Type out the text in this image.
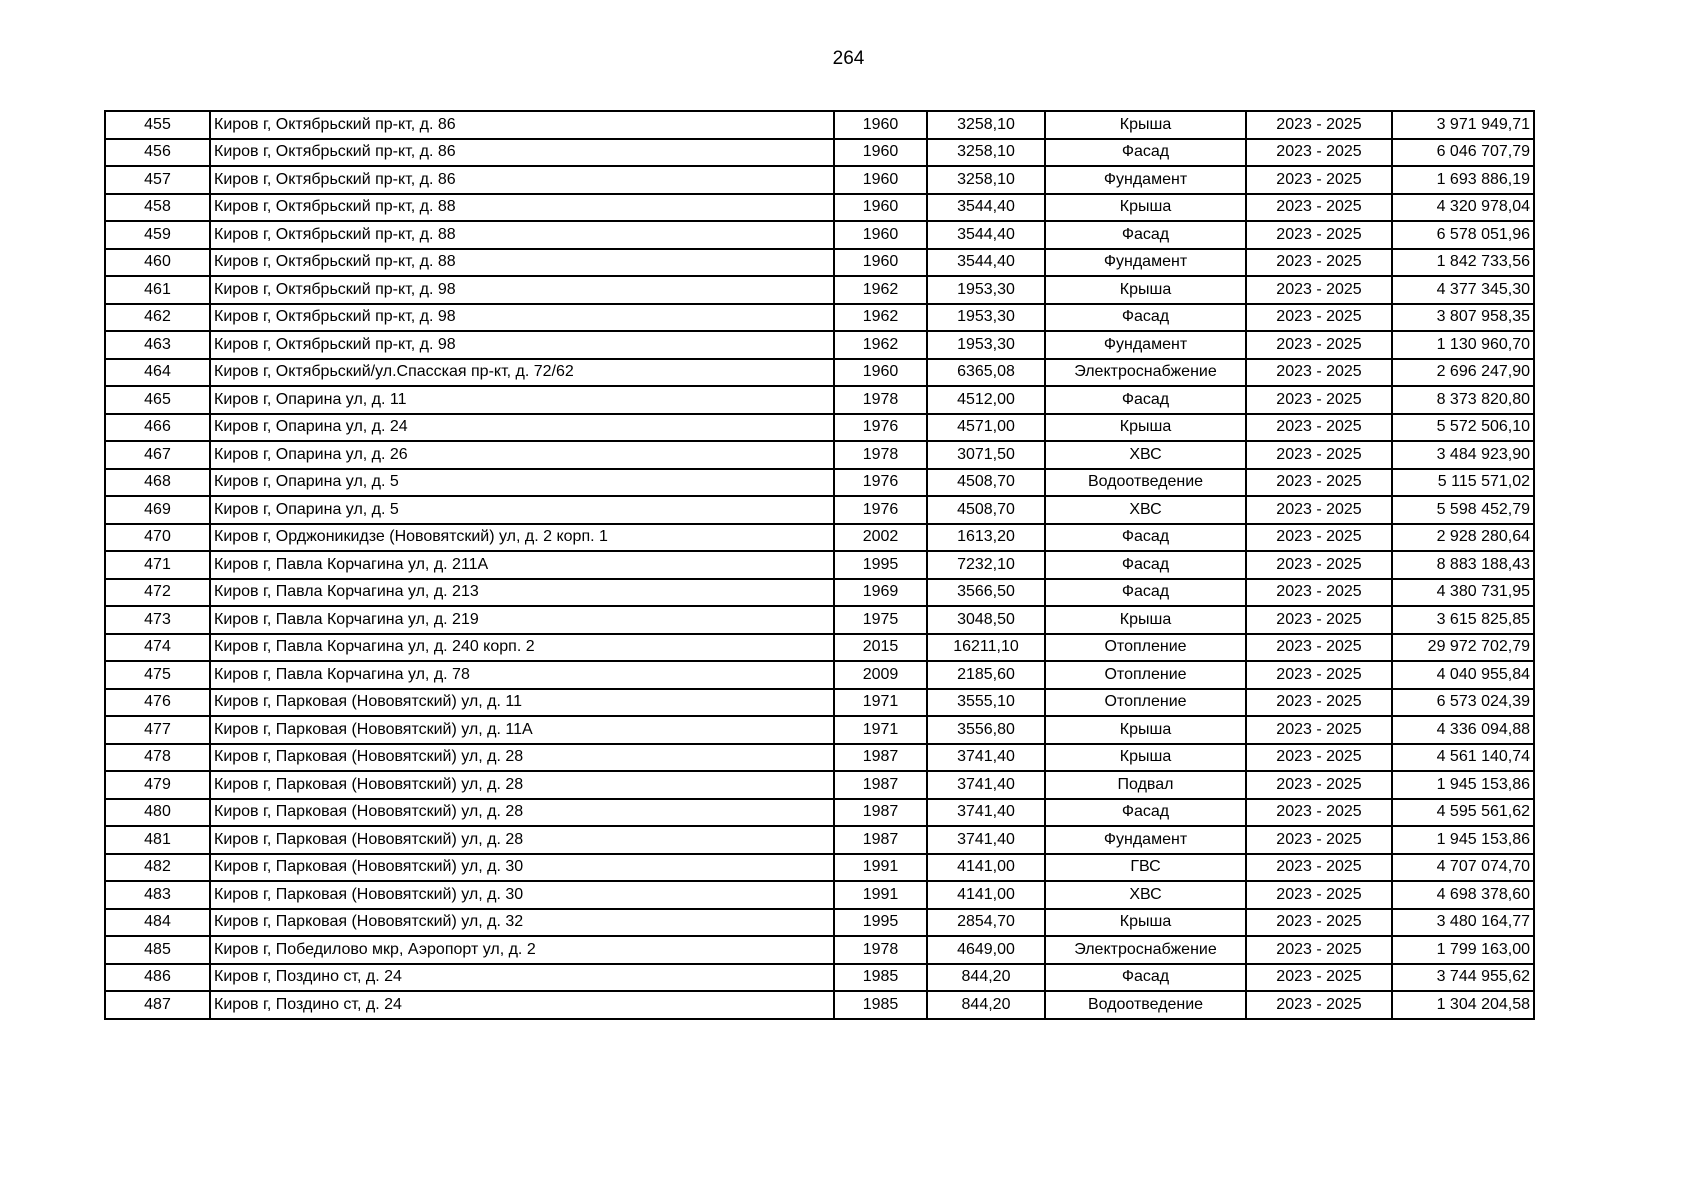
264
455	Киров г, Октябрьский пр-кт, д. 86	1960	3258,10	Крыша	2023 - 2025	3 971 949,71
456	Киров г, Октябрьский пр-кт, д. 86	1960	3258,10	Фасад	2023 - 2025	6 046 707,79
457	Киров г, Октябрьский пр-кт, д. 86	1960	3258,10	Фундамент	2023 - 2025	1 693 886,19
458	Киров г, Октябрьский пр-кт, д. 88	1960	3544,40	Крыша	2023 - 2025	4 320 978,04
459	Киров г, Октябрьский пр-кт, д. 88	1960	3544,40	Фасад	2023 - 2025	6 578 051,96
460	Киров г, Октябрьский пр-кт, д. 88	1960	3544,40	Фундамент	2023 - 2025	1 842 733,56
461	Киров г, Октябрьский пр-кт, д. 98	1962	1953,30	Крыша	2023 - 2025	4 377 345,30
462	Киров г, Октябрьский пр-кт, д. 98	1962	1953,30	Фасад	2023 - 2025	3 807 958,35
463	Киров г, Октябрьский пр-кт, д. 98	1962	1953,30	Фундамент	2023 - 2025	1 130 960,70
464	Киров г, Октябрьский/ул.Спасская пр-кт, д. 72/62	1960	6365,08	Электроснабжение	2023 - 2025	2 696 247,90
465	Киров г, Опарина ул, д. 11	1978	4512,00	Фасад	2023 - 2025	8 373 820,80
466	Киров г, Опарина ул, д. 24	1976	4571,00	Крыша	2023 - 2025	5 572 506,10
467	Киров г, Опарина ул, д. 26	1978	3071,50	ХВС	2023 - 2025	3 484 923,90
468	Киров г, Опарина ул, д. 5	1976	4508,70	Водоотведение	2023 - 2025	5 115 571,02
469	Киров г, Опарина ул, д. 5	1976	4508,70	ХВС	2023 - 2025	5 598 452,79
470	Киров г, Орджоникидзе (Нововятский) ул, д. 2 корп. 1	2002	1613,20	Фасад	2023 - 2025	2 928 280,64
471	Киров г, Павла Корчагина ул, д. 211А	1995	7232,10	Фасад	2023 - 2025	8 883 188,43
472	Киров г, Павла Корчагина ул, д. 213	1969	3566,50	Фасад	2023 - 2025	4 380 731,95
473	Киров г, Павла Корчагина ул, д. 219	1975	3048,50	Крыша	2023 - 2025	3 615 825,85
474	Киров г, Павла Корчагина ул, д. 240 корп. 2	2015	16211,10	Отопление	2023 - 2025	29 972 702,79
475	Киров г, Павла Корчагина ул, д. 78	2009	2185,60	Отопление	2023 - 2025	4 040 955,84
476	Киров г, Парковая (Нововятский) ул, д. 11	1971	3555,10	Отопление	2023 - 2025	6 573 024,39
477	Киров г, Парковая (Нововятский) ул, д. 11А	1971	3556,80	Крыша	2023 - 2025	4 336 094,88
478	Киров г, Парковая (Нововятский) ул, д. 28	1987	3741,40	Крыша	2023 - 2025	4 561 140,74
479	Киров г, Парковая (Нововятский) ул, д. 28	1987	3741,40	Подвал	2023 - 2025	1 945 153,86
480	Киров г, Парковая (Нововятский) ул, д. 28	1987	3741,40	Фасад	2023 - 2025	4 595 561,62
481	Киров г, Парковая (Нововятский) ул, д. 28	1987	3741,40	Фундамент	2023 - 2025	1 945 153,86
482	Киров г, Парковая (Нововятский) ул, д. 30	1991	4141,00	ГВС	2023 - 2025	4 707 074,70
483	Киров г, Парковая (Нововятский) ул, д. 30	1991	4141,00	ХВС	2023 - 2025	4 698 378,60
484	Киров г, Парковая (Нововятский) ул, д. 32	1995	2854,70	Крыша	2023 - 2025	3 480 164,77
485	Киров г, Победилово мкр, Аэропорт ул, д. 2	1978	4649,00	Электроснабжение	2023 - 2025	1 799 163,00
486	Киров г, Поздино ст, д. 24	1985	844,20	Фасад	2023 - 2025	3 744 955,62
487	Киров г, Поздино ст, д. 24	1985	844,20	Водоотведение	2023 - 2025	1 304 204,58
